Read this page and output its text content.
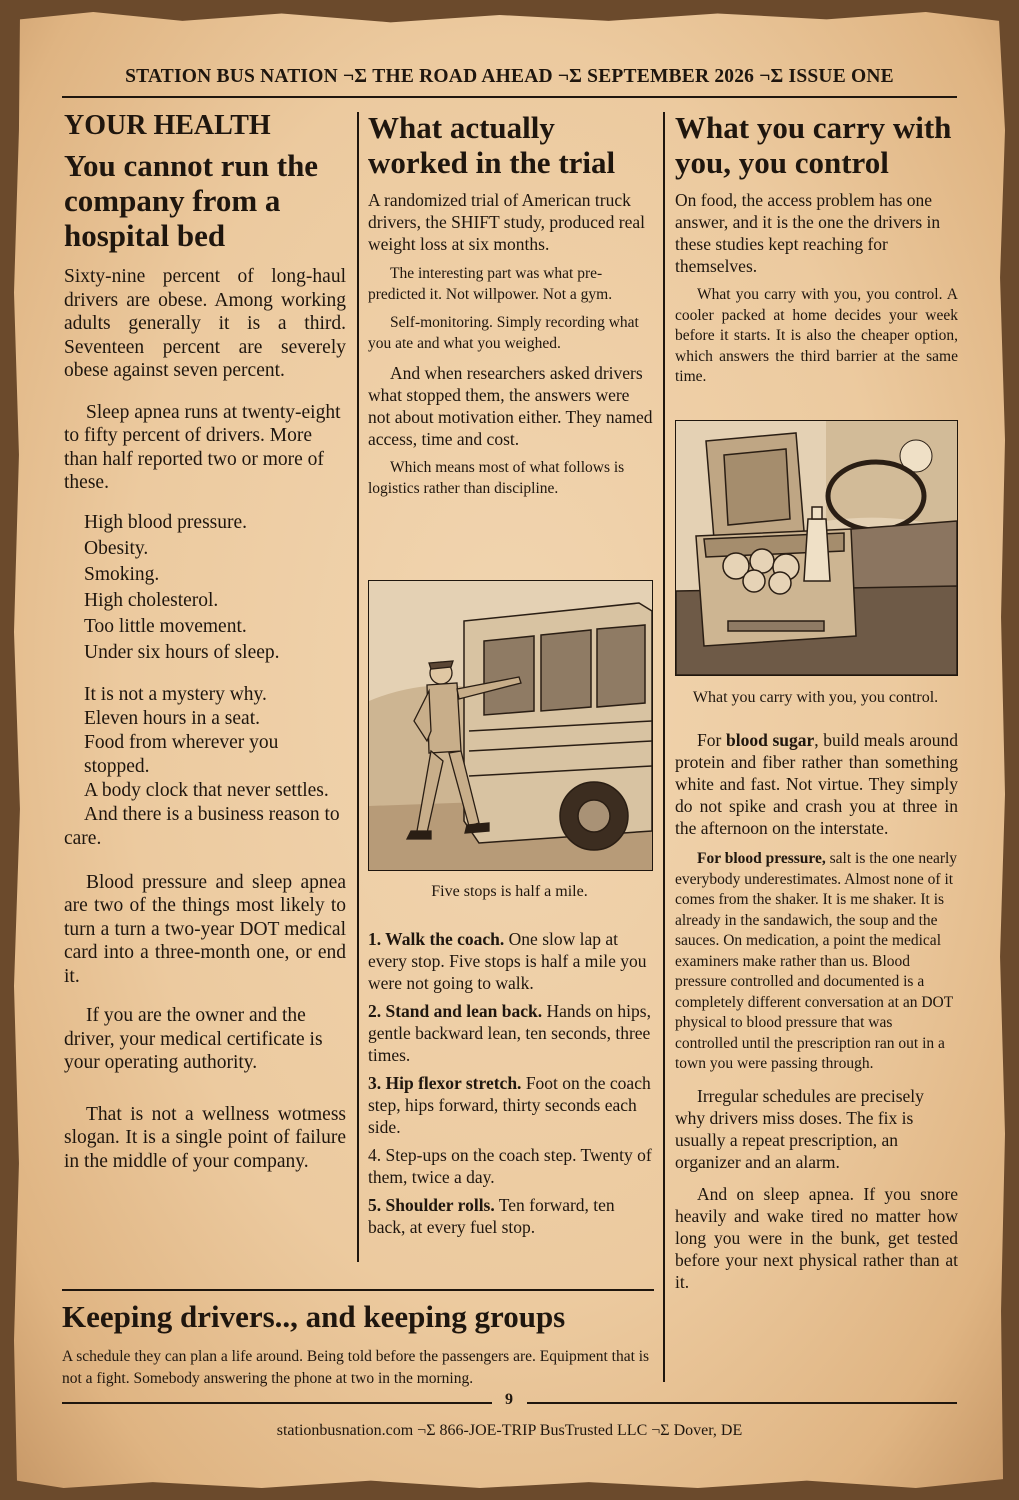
STATION BUS NATION ¬Σ THE ROAD AHEAD ¬Σ SEPTEMBER 2026 ¬Σ ISSUE ONE
YOUR HEALTH
You cannot run the company from a hospital bed

Sixty-nine percent of long-haul drivers are obese. Among working adults generally it is a third. Seventeen percent are severely obese against seven percent.

Sleep apnea runs at twenty-eight to fifty percent of drivers. More than half reported two or more of these.

High blood pressure.
Obesity.
Smoking.
High cholesterol.
Too little movement.
Under six hours of sleep.
It is not a mystery why.
Eleven hours in a seat.
Food from wherever you stopped.
A body clock that never settles.
And there is a business reason to care.

Blood pressure and sleep apnea are two of the things most likely to turn a turn a two-year DOT medical card into a three-month one, or end it.

If you are the owner and the driver, your medical certificate is your operating authority.

That is not a wellness wotmess slogan. It is a single point of failure in the middle of your company.

What actually worked in the trial

A randomized trial of American truck drivers, the SHIFT study, produced real weight loss at six months.

The interesting part was what pre-predicted it. Not willpower. Not a gym.

Self-monitoring. Simply recording what you ate and what you weighed.

And when researchers asked drivers what stopped them, the answers were not about motivation either. They named access, time and cost.

Which means most of what follows is logistics rather than discipline.

Five stops is half a mile.

1. Walk the coach. One slow lap at every stop. Five stops is half a mile you were not going to walk.

2. Stand and lean back. Hands on hips, gentle backward lean, ten seconds, three times.

3. Hip flexor stretch. Foot on the coach step, hips forward, thirty seconds each side.

4. Step-ups on the coach step. Twenty of them, twice a day.

5. Shoulder rolls. Ten forward, ten back, at every fuel stop.

What you carry with you, you control

On food, the access problem has one answer, and it is the one the drivers in these studies kept reaching for themselves.

What you carry with you, you control. A cooler packed at home decides your week before it starts. It is also the cheaper option, which answers the third barrier at the same time.

What you carry with you, you control.

For blood sugar, build meals around protein and fiber rather than something white and fast. Not virtue. They simply do not spike and crash you at three in the afternoon on the interstate.

For blood pressure, salt is the one nearly everybody underestimates. Almost none of it comes from the shaker. It is me shaker. It is already in the sandawich, the soup and the sauces. On medication, a point the medical examiners make rather than us. Blood pressure controlled and documented is a completely different conversation at an DOT physical to blood pressure that was controlled until the prescription ran out in a town you were passing through.

Irregular schedules are precisely why drivers miss doses. The fix is usually a repeat prescription, an organizer and an alarm.

And on sleep apnea. If you snore heavily and wake tired no matter how long you were in the bunk, get tested before your next physical rather than at it.

Keeping drivers.., and keeping groups

A schedule they can plan a life around. Being told before the passengers are. Equipment that is not a fight. Somebody answering the phone at two in the morning.

9
stationbusnation.com ¬Σ 866-JOE-TRIP BusTrusted LLC ¬Σ Dover, DE
